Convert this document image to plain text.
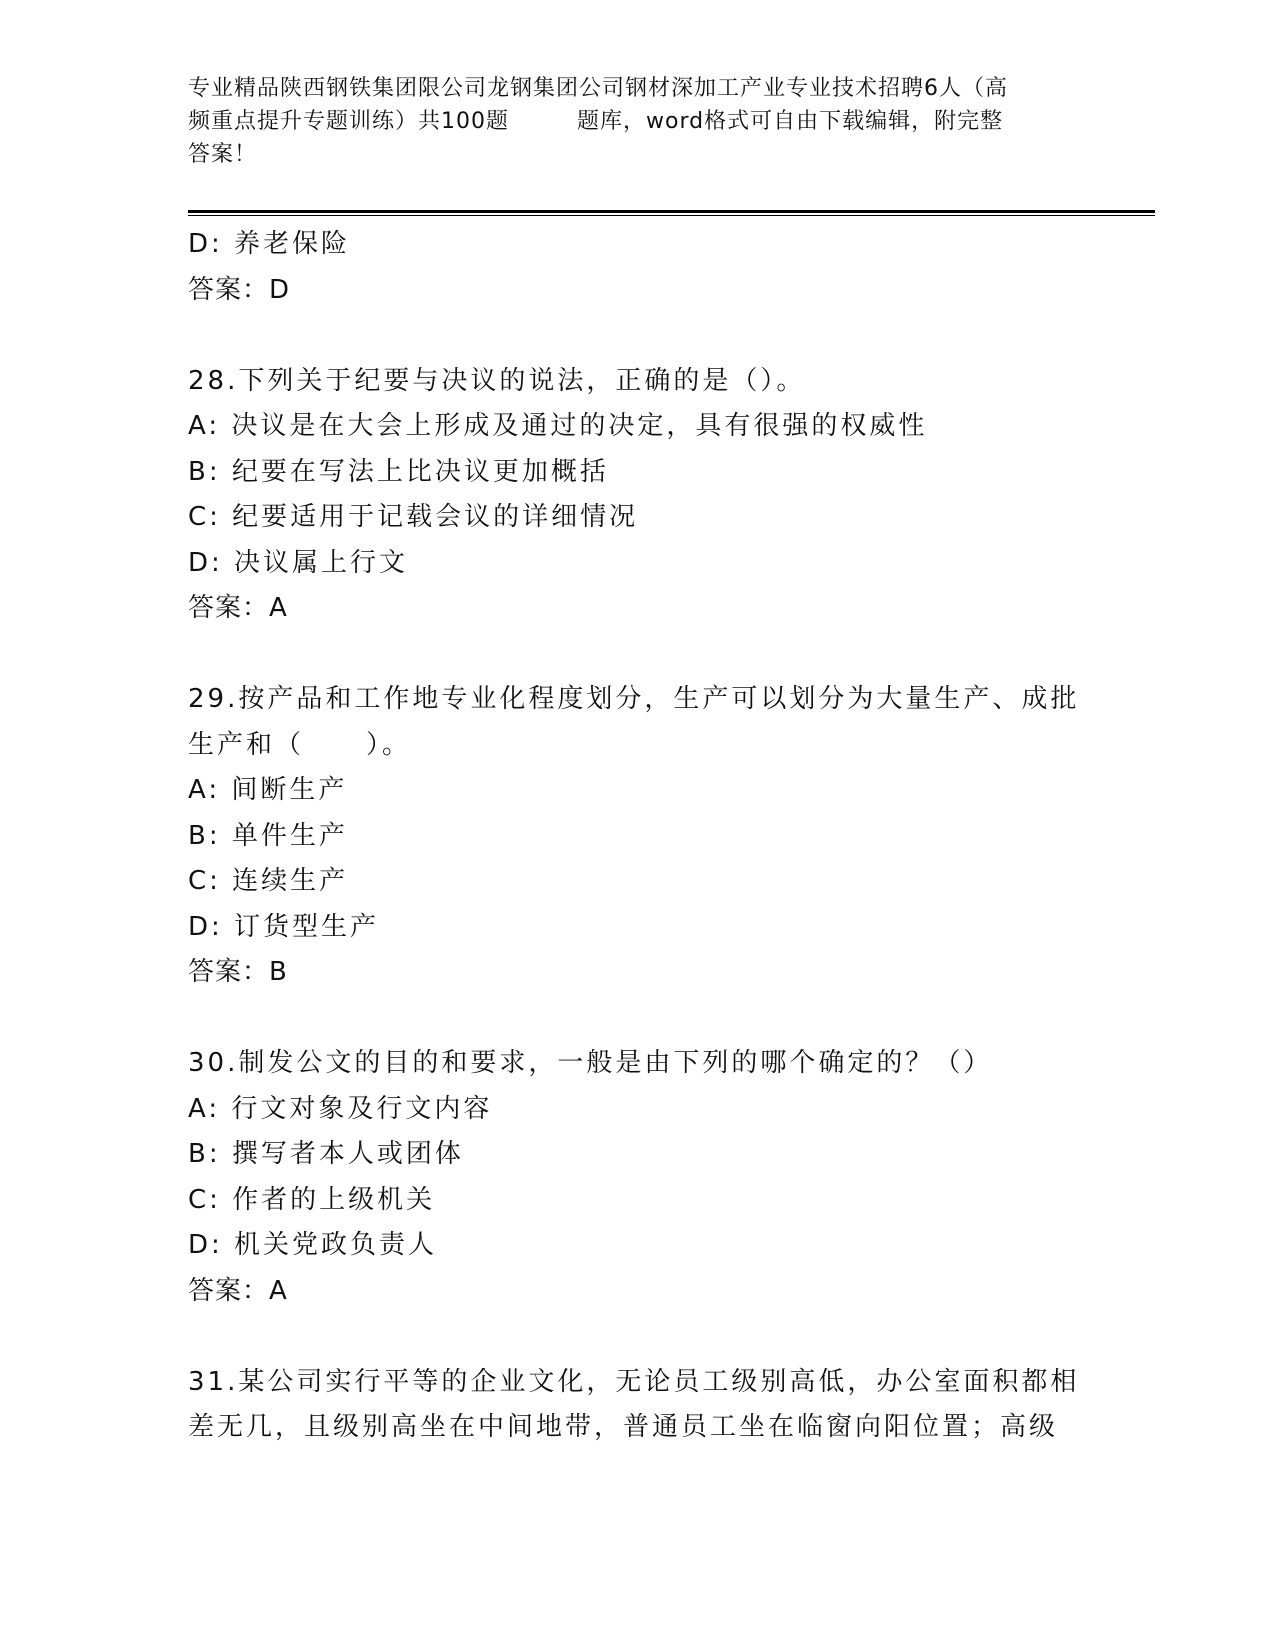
专业精品陕西钢铁集团限公司龙钢集团公司钢材深加工产业专业技术招聘6人（高
频重点提升专题训练）共100题	题库，word格式可自由下载编辑，附完整
答案！
D: 养老保险
答案：D
28.下列关于纪要与决议的说法，正确的是（）。
A: 决议是在大会上形成及通过的决定，具有很强的权威性
B: 纪要在写法上比决议更加概括
C: 纪要适用于记载会议的详细情况
D: 决议属上行文
答案：A
29.按产品和工作地专业化程度划分，生产可以划分为大量生产、成批
生产和（ ）。
A: 间断生产
B: 单件生产
C: 连续生产
D: 订货型生产
答案：B
30.制发公文的目的和要求，一般是由下列的哪个确定的？（）
A: 行文对象及行文内容
B: 撰写者本人或团体
C: 作者的上级机关
D: 机关党政负责人
答案：A
31.某公司实行平等的企业文化，无论员工级别高低，办公室面积都相
差无几，且级别高坐在中间地带，普通员工坐在临窗向阳位置；高级
